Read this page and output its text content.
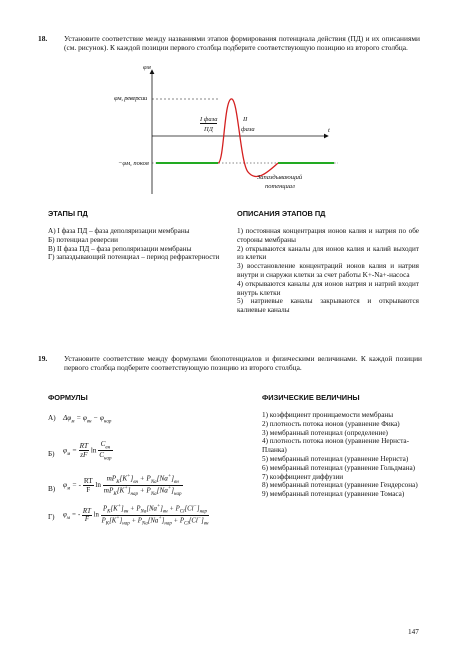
18. Установите соответствие между названиями этапов формирования потенциала действия (ПД) и их описаниями (см. рисунок). К каждой позиции первого столбца подберите соответствующую позицию из второго столбца.
φм
φм, реверсии
−φм, покоя
t
I фаза
ПД
II
фаза
Запаздывающий
потенциал
ЭТАПЫ ПД	ОПИСАНИЯ ЭТАПОВ ПД
А) I фаза ПД – фаза деполяризации мембраны
Б) потенциал реверсии
В) II фаза ПД – фаза реполяризации мембраны
Г) запаздывающий потенциал – период рефрактерности
1) постоянная концентрация ионов калия и натрия по обе стороны мембраны
2) открываются каналы для ионов калия и калий выходит из клетки
3) восстановление концентраций ионов калия и натрия внутри и снаружи клетки за счет работы K+-Na+-насоса
4) открываются каналы для ионов натрия и натрий входит внутрь клетки
5) натриевые каналы закрываются и открываются калиевые каналы
19. Установите соответствие между формулами биопотенциалов и физическими величинами. К каждой позиции первого столбца подберите соответствующую позицию из второго столбца.
ФОРМУЛЫ	ФИЗИЧЕСКИЕ ВЕЛИЧИНЫ
А) $\Delta\varphi_м = \varphi_{вн} - \varphi_{нар}$
Б) $\varphi_м = \frac{RT}{zF}$ $\ln \frac{C_{вн}}{C_{нар}}$
В)
$\varphi_м$ = - $\frac{RT}{F}$ $\ln \frac{mP_K[K^+]_{вн} + P_{Na}[Na^+]_{вн}}{mP_K[K^+]_{нар} + P_{Na}[Na^+]_{нар}}$
Г) $\varphi_м$ = - $\frac{RT}{F}$ $\ln \frac{P_K[K^+]_{вн} + P_{Na}[Na^+]_{вн} + P_{Cl}[Cl^-]_{нар}}{P_K[K^+]_{нар} + P_{Na}[Na^+]_{нар} + P_{Cl}[Cl^-]_{вн}}$
1) коэффициент проницаемости мембраны
2) плотность потока ионов (уравнение Фика)
3) мембранный потенциал (определение)
4) плотность потока ионов (уравнение Нернста-Планка)
5) мембранный потенциал (уравнение Нернста)
6) мембранный потенциал (уравнение Гольдмана)
7) коэффициент диффузии
8) мембранный потенциал (уравнение Гендерсона)
9) мембранный потенциал (уравнение Томаса)
147
